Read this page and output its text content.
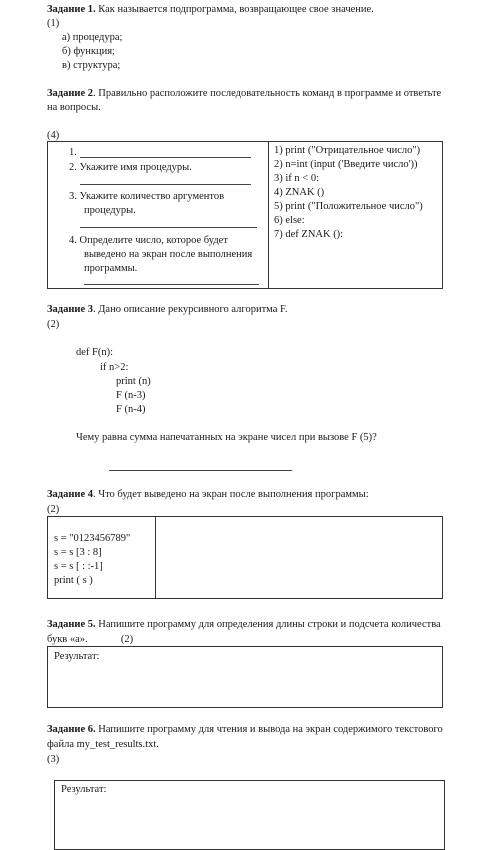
Задание 1. Как называется подпрограмма, возвращающее свое значение.
(1)
а) процедура;
б) функция;
в) структура;
Задание 2. Правильно расположите последовательность команд в программе и ответьте
на вопросы.
(4)
1.
2. Укажите имя процедуры.
3. Укажите количество аргументов
процедуры.
4. Определите число, которое будет
выведено на экран после выполнения
программы.
1) print ("Отрицательное число")
2) n=int (input ('Введите число'))
3) if n < 0:
4) ZNAK ()
5) print ("Положительное число")
6) else:
7) def ZNAK ():
Задание 3. Дано описание рекурсивного алгоритма F.
(2)
def F(n):
if n>2:
print (n)
F (n-3)
F (n-4)
Чему равна сумма напечатанных на экране чисел при вызове F (5)?
Задание 4. Что будет выведено на экран после выполнения программы:
(2)
s = "0123456789"
s = s [3 : 8]
s = s [ : :-1]
print ( s )
Задание 5. Напишите программу для определения длины строки и подсчета количества
букв «а».	(2)
Результат:
Задание 6. Напишите программу для чтения и вывода на экран содержимого текстового
файла my_test_results.txt.
(3)
Результат:
